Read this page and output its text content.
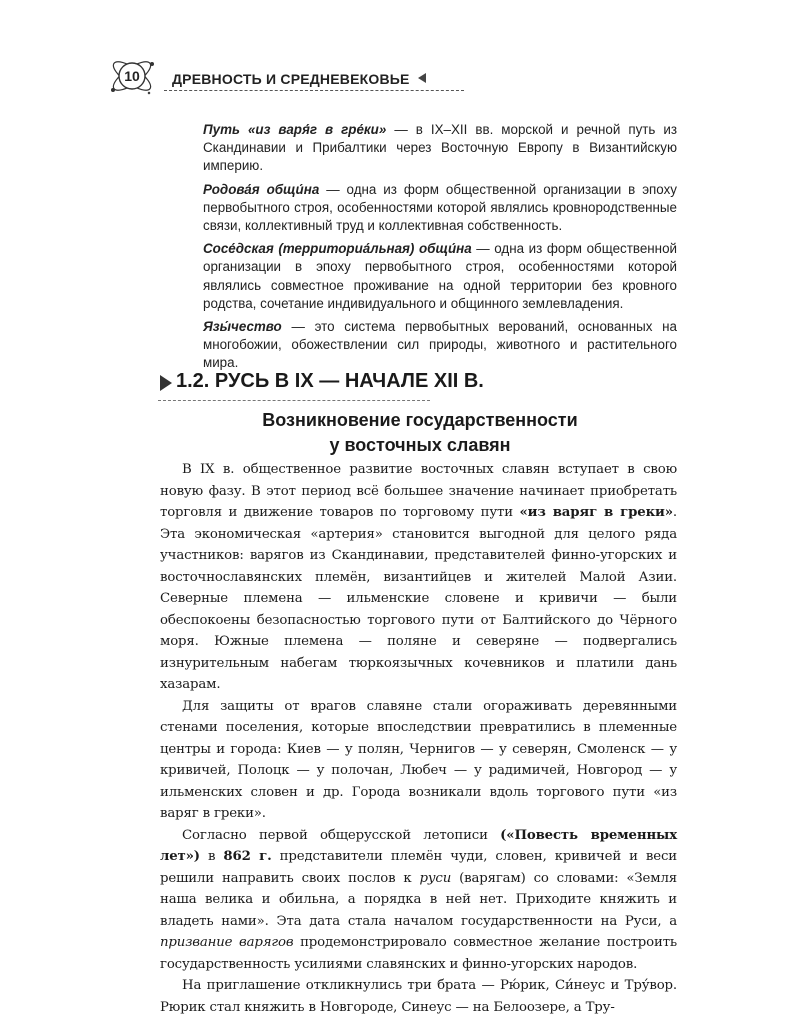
10	ДРЕВНОСТЬ И СРЕДНЕВЕКОВЬЕ

Путь «из варя́г в гре́ки» — в IX–XII вв. морской и речной путь из Скандинавии и Прибалтики через Восточную Европу в Византийскую империю.

Родова́я общи́на — одна из форм общественной организации в эпоху первобытного строя, особенностями которой являлись кровнородственные связи, коллективный труд и коллективная собственность.

Сосе́дская (территориа́льная) общи́на — одна из форм общественной организации в эпоху первобытного строя, особенностями которой являлись совместное проживание на одной территории без кровного родства, сочетание индивидуального и общинного землевладения.

Язы́чество — это система первобытных верований, основанных на многобожии, обожествлении сил природы, животного и растительного мира.

1.2. РУСЬ В IX — НАЧАЛЕ XII В.
Возникновение государственности
у восточных славян

В IX в. общественное развитие восточных славян вступает в свою новую фазу. В этот период всё большее значение начинает приобретать торговля и движение товаров по торговому пути «из варяг в греки». Эта экономическая «артерия» становится выгодной для целого ряда участников: варягов из Скандинавии, представителей финно-угорских и восточнославянских племён, византийцев и жителей Малой Азии. Северные племена — ильменские словене и кривичи — были обеспокоены безопасностью торгового пути от Балтийского до Чёрного моря. Южные племена — поляне и северяне — подвергались изнурительным набегам тюркоязычных кочевников и платили дань хазарам.

Для защиты от врагов славяне стали огораживать деревянными стенами поселения, которые впоследствии превратились в племенные центры и города: Киев — у полян, Чернигов — у северян, Смоленск — у кривичей, Полоцк — у полочан, Любеч — у радимичей, Новгород — у ильменских словен и др. Города возникали вдоль торгового пути «из варяг в греки».

Согласно первой общерусской летописи («Повесть временных лет») в 862 г. представители племён чуди, словен, кривичей и веси решили направить своих послов к руси (варягам) со словами: «Земля наша велика и обильна, а порядка в ней нет. Приходите княжить и владеть нами». Эта дата стала началом государственности на Руси, а призвание варягов продемонстрировало совместное желание построить государственность усилиями славянских и финно-угорских народов.

На приглашение откликнулись три брата — Рю́рик, Си́неус и Тру́вор. Рюрик стал княжить в Новгороде, Синеус — на Белоозере, а Тру-
